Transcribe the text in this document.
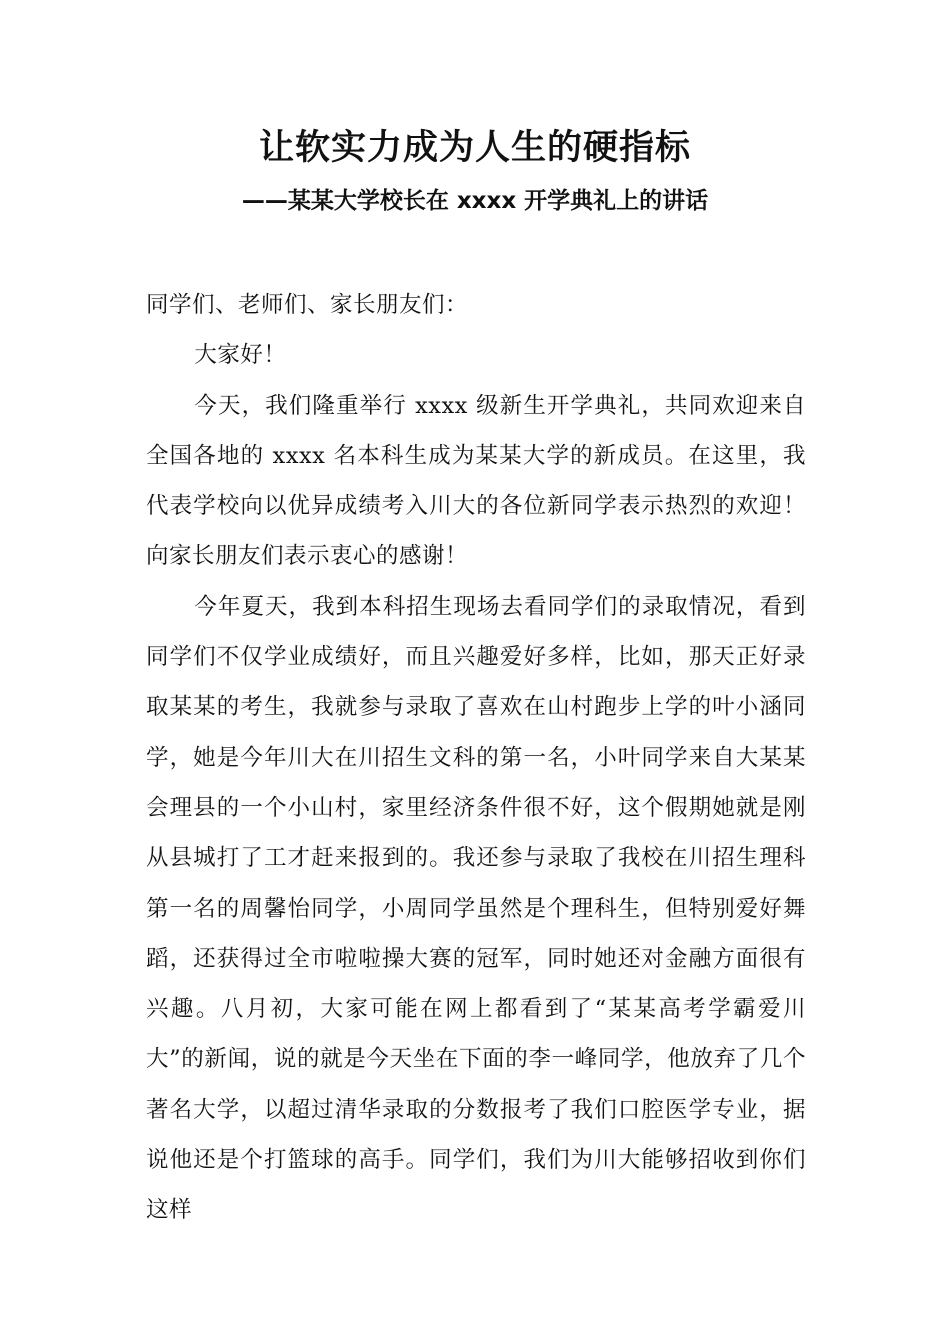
让软实力成为人生的硬指标
——某某大学校长在 xxxx 开学典礼上的讲话

同学们、老师们、家长朋友们：

大家好！

今天，我们隆重举行 xxxx 级新生开学典礼，共同欢迎来自全国各地的 xxxx 名本科生成为某某大学的新成员。在这里，我代表学校向以优异成绩考入川大的各位新同学表示热烈的欢迎！向家长朋友们表示衷心的感谢！

今年夏天，我到本科招生现场去看同学们的录取情况，看到同学们不仅学业成绩好，而且兴趣爱好多样，比如，那天正好录取某某的考生，我就参与录取了喜欢在山村跑步上学的叶小涵同学，她是今年川大在川招生文科的第一名，小叶同学来自大某某会理县的一个小山村，家里经济条件很不好，这个假期她就是刚从县城打了工才赶来报到的。我还参与录取了我校在川招生理科第一名的周馨怡同学，小周同学虽然是个理科生，但特别爱好舞蹈，还获得过全市啦啦操大赛的冠军，同时她还对金融方面很有兴趣。八月初，大家可能在网上都看到了“某某高考学霸爱川大”的新闻，说的就是今天坐在下面的李一峰同学，他放弃了几个著名大学，以超过清华录取的分数报考了我们口腔医学专业，据说他还是个打篮球的高手。同学们，我们为川大能够招收到你们这样
